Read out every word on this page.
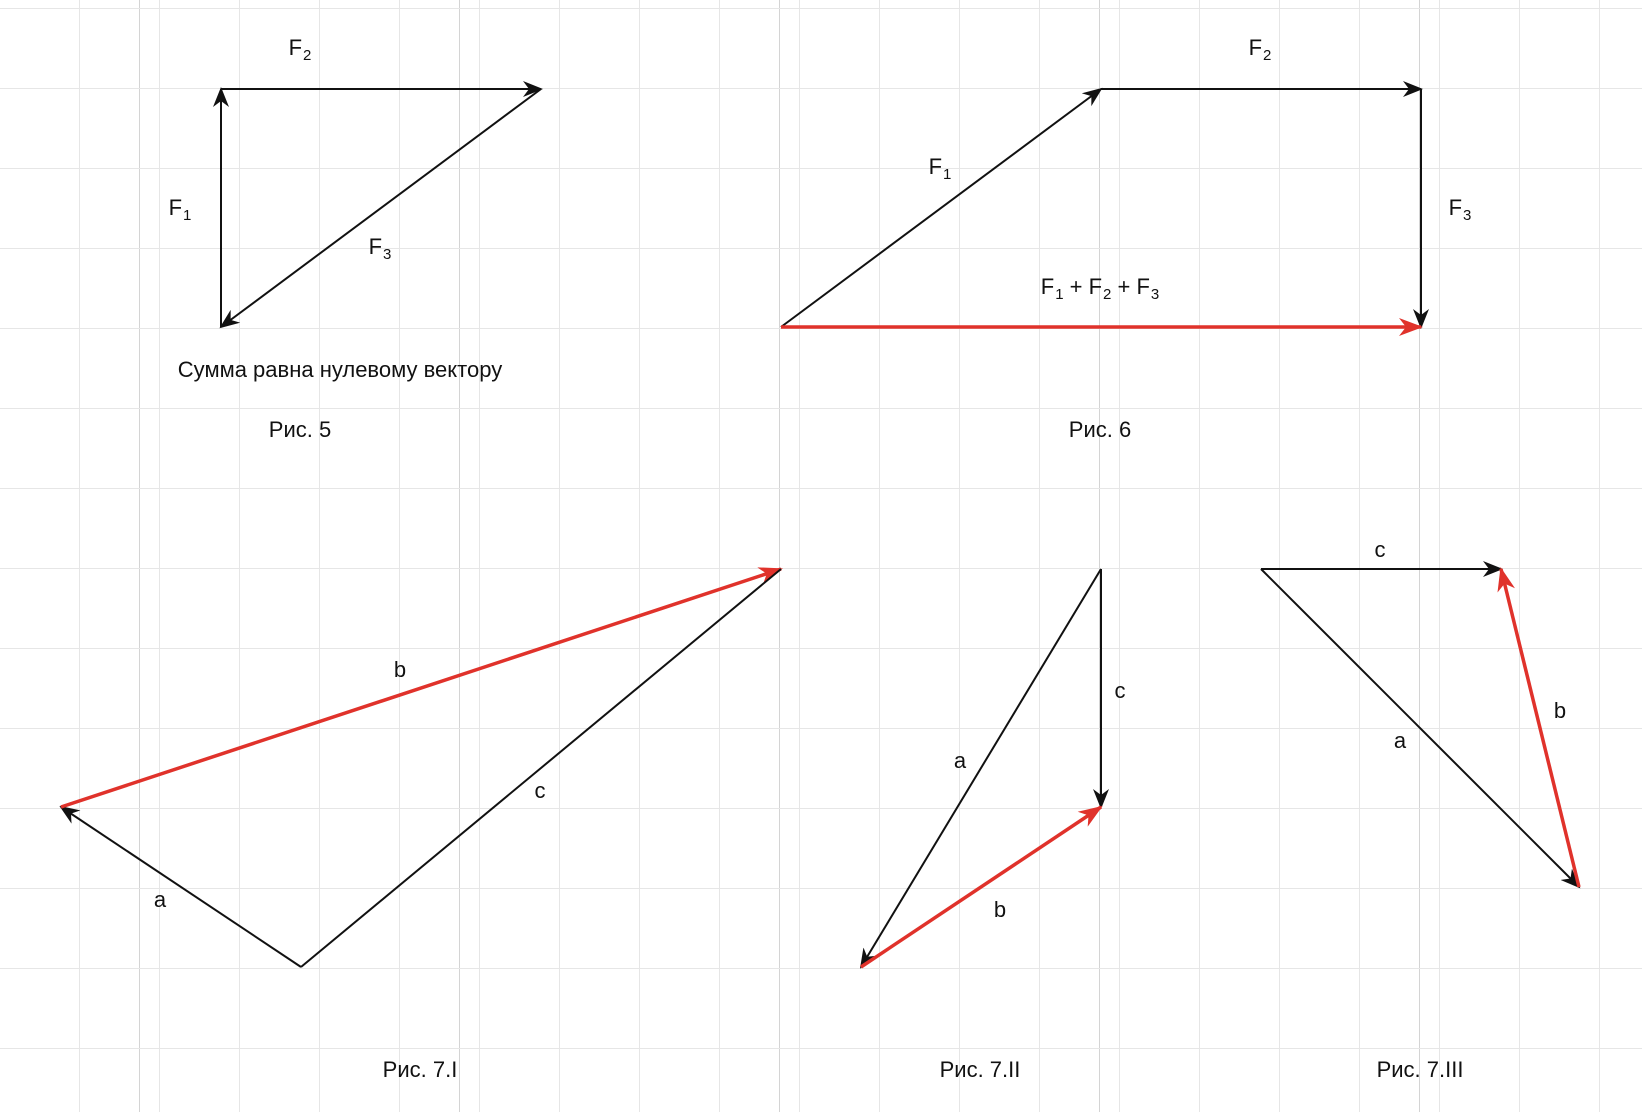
$F_2$
$F_1$
$F_3$
Сумма равна нулевому вектору
Рис. 5
$F_2$
$F_1$
$F_3$
$F_1 + F_2 + F_3$
Рис. 6
b
c
a
Рис. 7.I
c
a
b
Рис. 7.II
c
b
a
Рис. 7.III
